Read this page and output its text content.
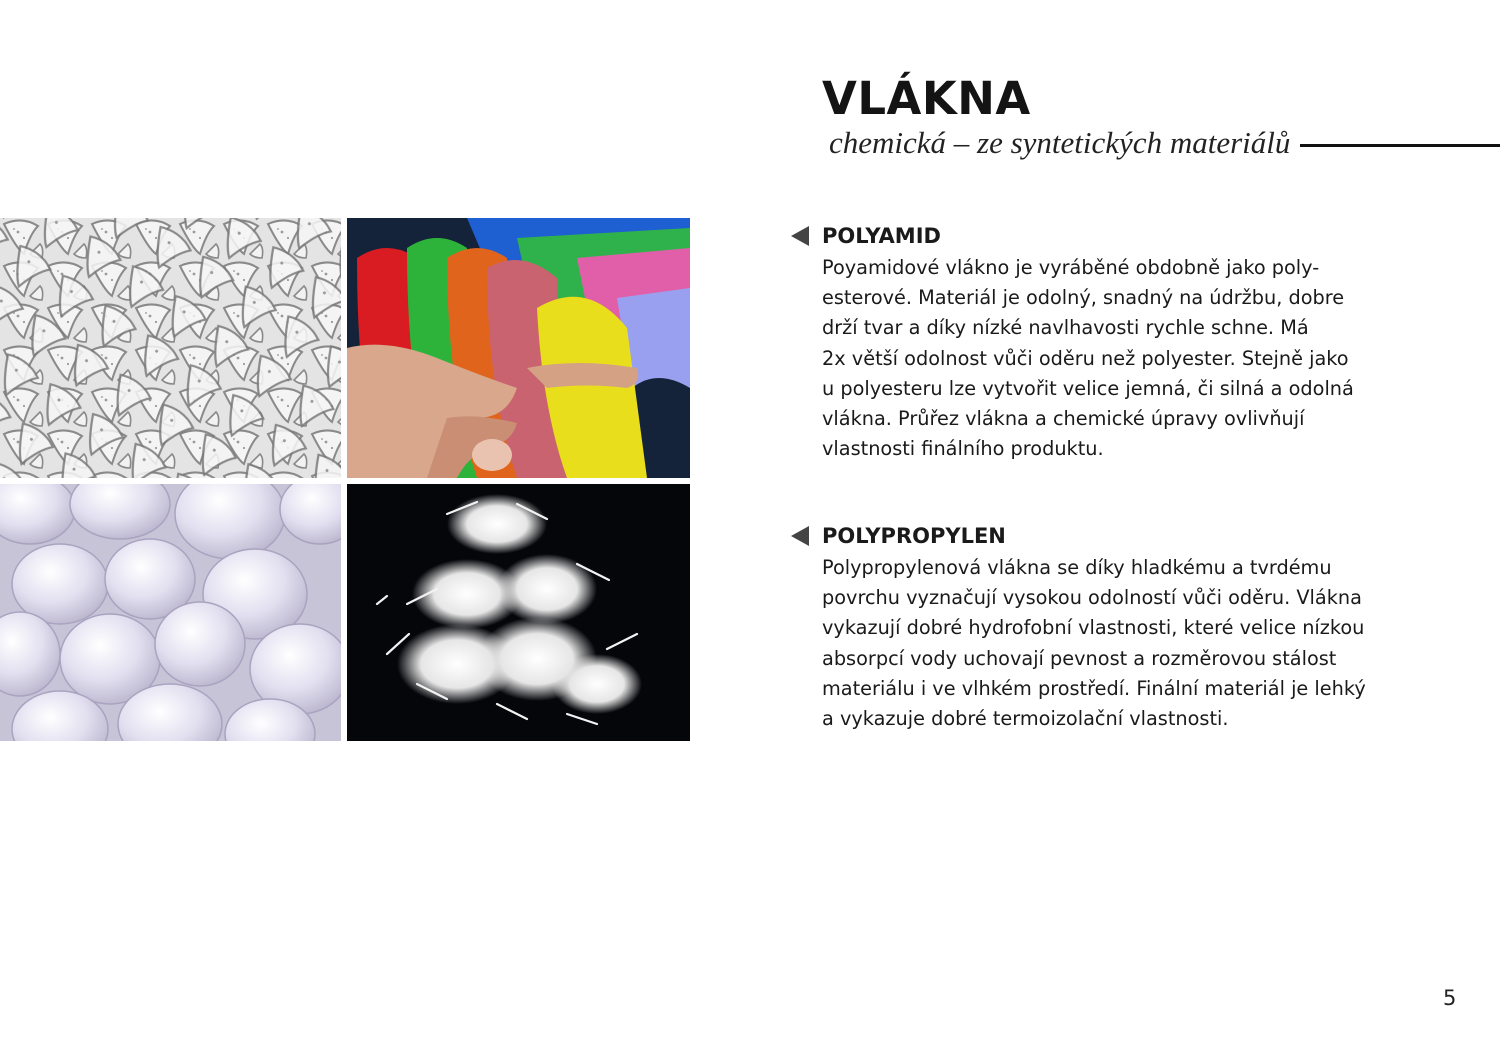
VLÁKNA

chemická – ze syntetických materiálů

POLYAMID
Poyamidové vlákno je vyráběné obdobně jako poly-
esterové. Materiál je odolný, snadný na údržbu, dobre
drží tvar a díky nízké navlhavosti rychle schne. Má
2x větší odolnost vůči oděru než polyester. Stejně jako
u polyesteru lze vytvořit velice jemná, či silná a odolná
vlákna. Průřez vlákna a chemické úpravy ovlivňují
vlastnosti finálního produktu.
POLYPROPYLEN
Polypropylenová vlákna se díky hladkému a tvrdému
povrchu vyznačují vysokou odolností vůči oděru. Vlákna
vykazují dobré hydrofobní vlastnosti, které velice nízkou
absorpcí vody uchovají pevnost a rozměrovou stálost
materiálu i ve vlhkém prostředí. Finální materiál je lehký
a vykazuje dobré termoizolační vlastnosti.
5
